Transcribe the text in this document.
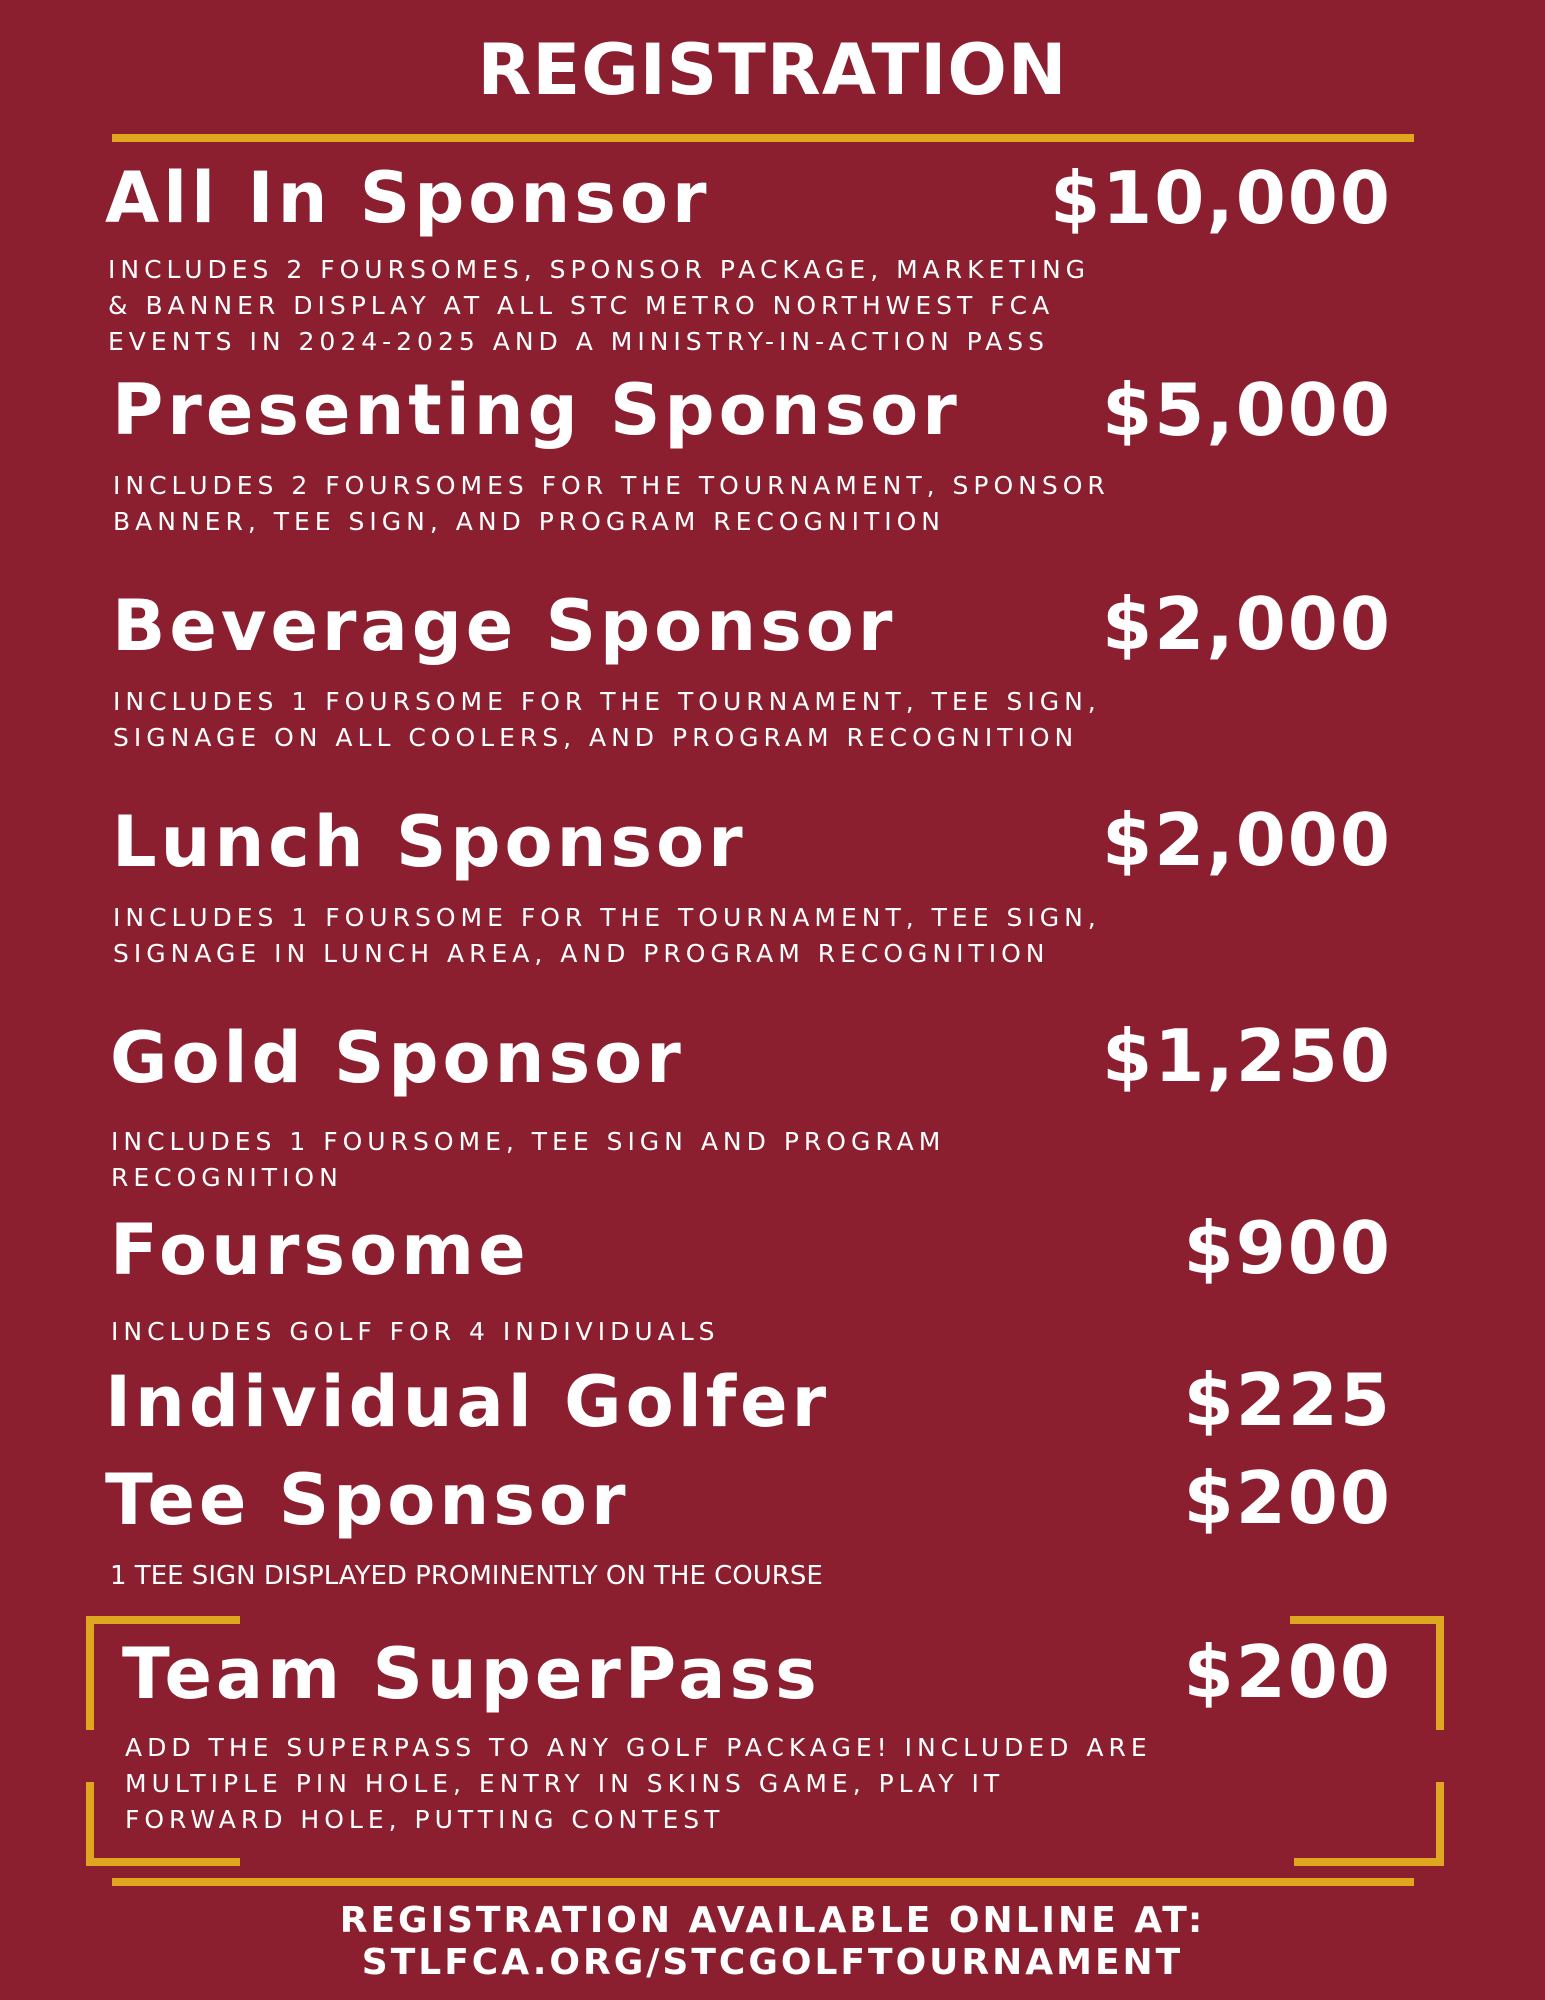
REGISTRATION
All In Sponsor	$10,000
INCLUDES 2 FOURSOMES, SPONSOR PACKAGE, MARKETING
& BANNER DISPLAY AT ALL STC METRO NORTHWEST FCA
EVENTS IN 2024-2025 AND A MINISTRY-IN-ACTION PASS
Presenting Sponsor $5,000
INCLUDES 2 FOURSOMES FOR THE TOURNAMENT, SPONSOR
BANNER, TEE SIGN, AND PROGRAM RECOGNITION
Beverage Sponsor	$2,000
INCLUDES 1 FOURSOME FOR THE TOURNAMENT, TEE SIGN,
SIGNAGE ON ALL COOLERS, AND PROGRAM RECOGNITION
Lunch Sponsor	$2,000
INCLUDES 1 FOURSOME FOR THE TOURNAMENT, TEE SIGN,
SIGNAGE IN LUNCH AREA, AND PROGRAM RECOGNITION
Gold Sponsor	$1,250
INCLUDES 1 FOURSOME, TEE SIGN AND PROGRAM
RECOGNITION
Foursome	$900
INCLUDES GOLF FOR 4 INDIVIDUALS
Individual Golfer	$225
Tee Sponsor	$200
1 TEE SIGN DISPLAYED PROMINENTLY ON THE COURSE
Team SuperPass	$200
ADD THE SUPERPASS TO ANY GOLF PACKAGE! INCLUDED ARE
MULTIPLE PIN HOLE, ENTRY IN SKINS GAME, PLAY IT
FORWARD HOLE, PUTTING CONTEST
REGISTRATION AVAILABLE ONLINE AT:
STLFCA.ORG/STCGOLFTOURNAMENT
